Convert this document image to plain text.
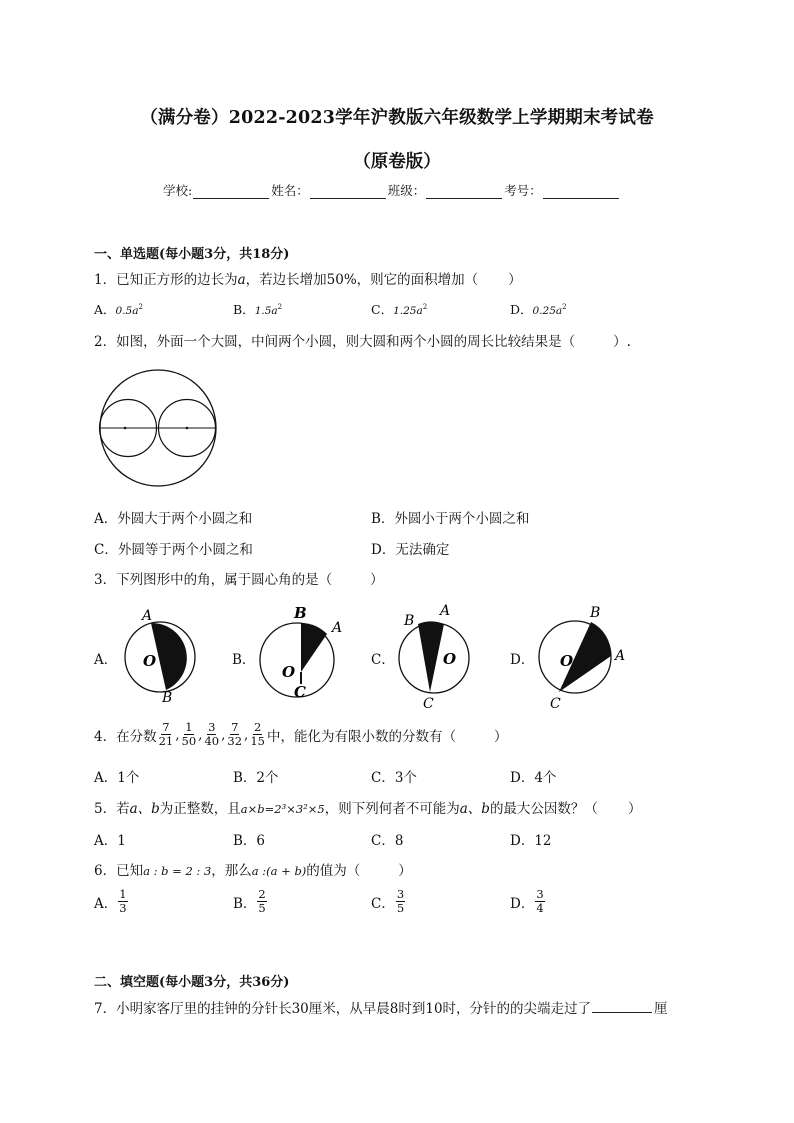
（满分卷）2022-2023学年沪教版六年级数学上学期期末考试卷
（原卷版）
学校:	姓名：	班级：	考号：
一、单选题(每小题3分，共18分)
1．已知正方形的边长为a，若边长增加50%，则它的面积增加（ ）
A．$0.5a^2$	B．$1.5a^2$	C．$1.25a^2$	D．$0.25a^2$
2．如图，外面一个大圆，中间两个小圆，则大圆和两个小圆的周长比较结果是（	）.
A．外圆大于两个小圆之和	B．外圆小于两个小圆之和
C．外圆等于两个小圆之和	D．无法确定
3．下列图形中的角，属于圆心角的是（	）
A．
A
O
B
B．
B
A
O
C
C．
B
A
O
C
D．
B
O	A
C
4．在分数 $\frac{7}{21}$ , $\frac{1}{50}$ , $\frac{3}{40}$ , $\frac{7}{32}$ , $\frac{2}{15}$ 中，能化为有限小数的分数有（	）
A．1个	B．2个	C．3个	D．4个
5．若a、b为正整数，且a×b=2³×3²×5，则下列何者不可能为a、b的最大公因数？（ ）
A．1	B．6	C．8	D．12
6．已知a : b = 2 : 3，那么a :(a + b)的值为（	）
A． $\frac{1}{3}$	B． $\frac{2}{5}$	C． $\frac{3}{5}$	D． $\frac{3}{4}$
二、填空题(每小题3分，共36分)
7．小明家客厅里的挂钟的分针长30厘米，从早晨8时到10时，分针的的尖端走过了	厘
